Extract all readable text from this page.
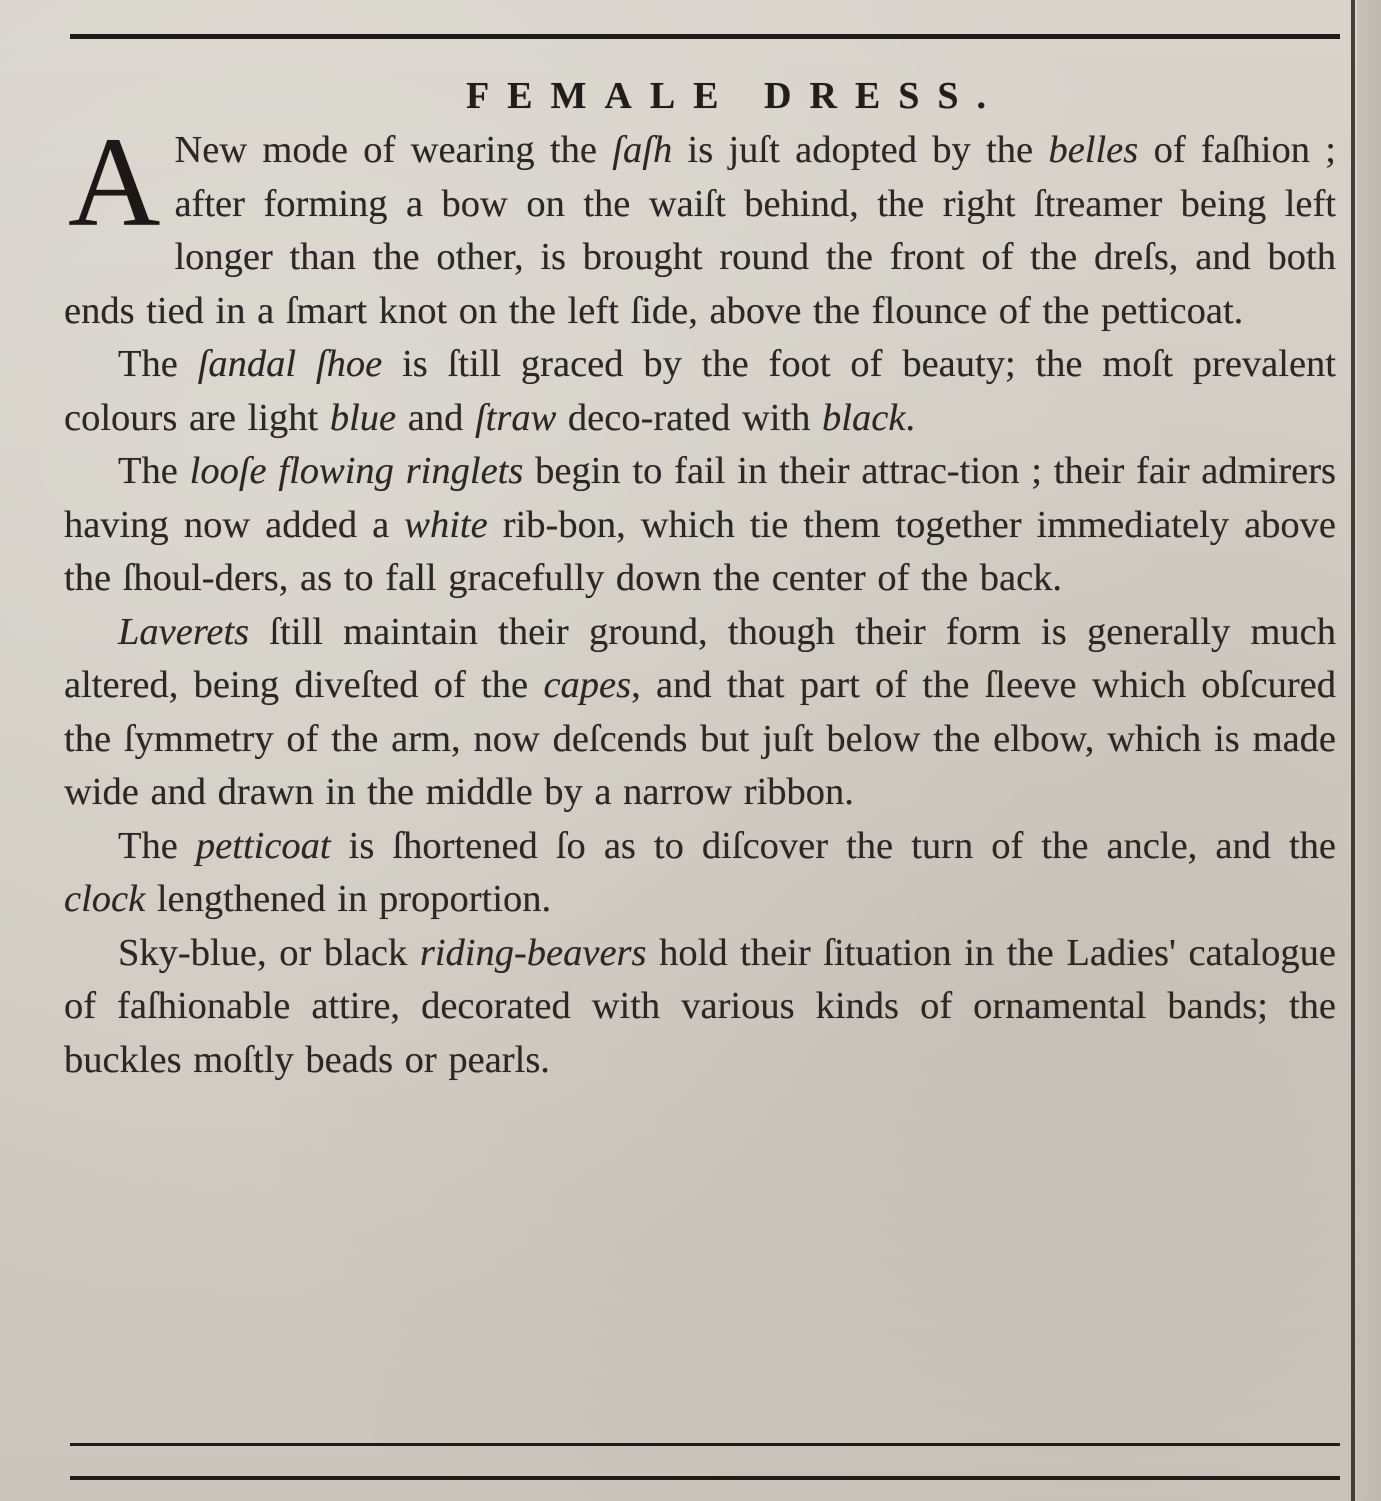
FEMALE DRESS.

A New mode of wearing the ſaſh is juſt adopted by the belles of faſhion ; after forming a bow on the waiſt behind, the right ſtreamer being left longer than the other, is brought round the front of the dreſs, and both ends tied in a ſmart knot on the left ſide, above the flounce of the petticoat.

The ſandal ſhoe is ſtill graced by the foot of beauty; the moſt prevalent colours are light blue and ſtraw deco-rated with black.

The looſe flowing ringlets begin to fail in their attrac-tion ; their fair admirers having now added a white rib-bon, which tie them together immediately above the ſhoul-ders, as to fall gracefully down the center of the back.

Laverets ſtill maintain their ground, though their form is generally much altered, being diveſted of the capes, and that part of the ſleeve which obſcured the ſymmetry of the arm, now deſcends but juſt below the elbow, which is made wide and drawn in the middle by a narrow ribbon.

The petticoat is ſhortened ſo as to diſcover the turn of the ancle, and the clock lengthened in proportion.

Sky-blue, or black riding-beavers hold their ſituation in the Ladies' catalogue of faſhionable attire, decorated with various kinds of ornamental bands; the buckles moſtly beads or pearls.
